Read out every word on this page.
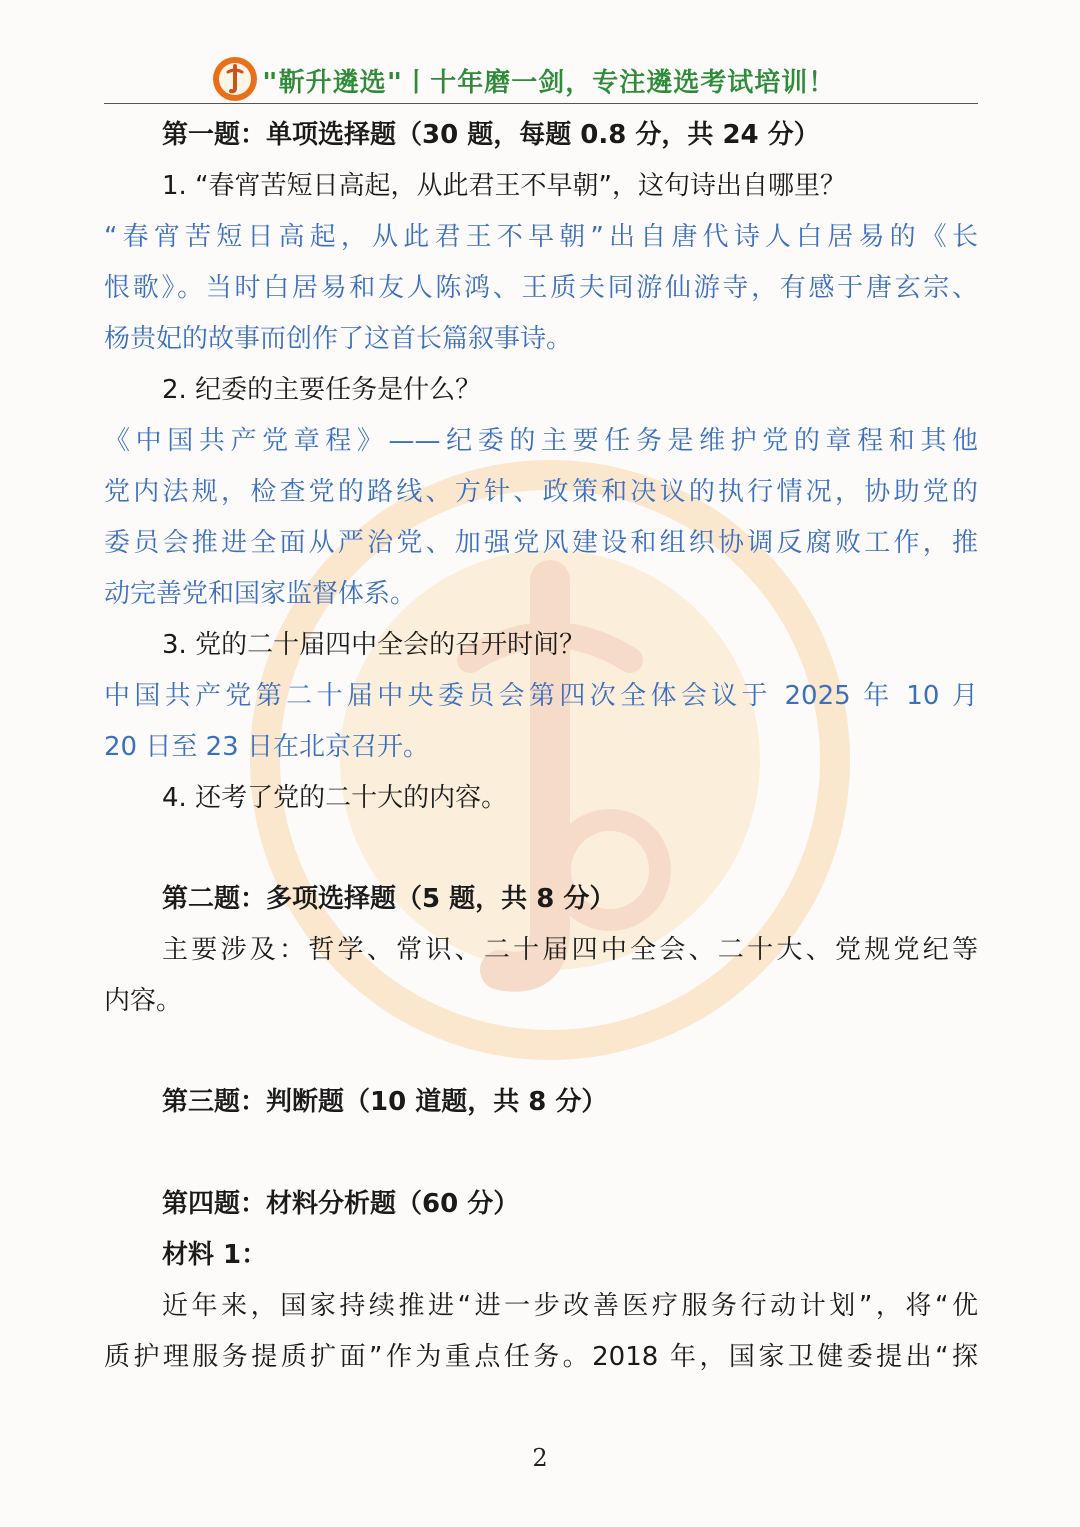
"靳升遴选"丨十年磨一剑，专注遴选考试培训！
第一题：单项选择题（30 题，每题 0.8 分，共 24 分）
1. “春宵苦短日高起，从此君王不早朝”，这句诗出自哪里？
“春宵苦短日高起，从此君王不早朝”出自唐代诗人白居易的《长
恨歌》。当时白居易和友人陈鸿、王质夫同游仙游寺，有感于唐玄宗、
杨贵妃的故事而创作了这首长篇叙事诗。
2. 纪委的主要任务是什么？
《中国共产党章程》——纪委的主要任务是维护党的章程和其他
党内法规，检查党的路线、方针、政策和决议的执行情况，协助党的
委员会推进全面从严治党、加强党风建设和组织协调反腐败工作，推
动完善党和国家监督体系。
3. 党的二十届四中全会的召开时间？
中国共产党第二十届中央委员会第四次全体会议于 2025 年 10 月
20 日至 23 日在北京召开。
4. 还考了党的二十大的内容。
第二题：多项选择题（5 题，共 8 分）
主要涉及：哲学、常识、二十届四中全会、二十大、党规党纪等
内容。
第三题：判断题（10 道题，共 8 分）
第四题：材料分析题（60 分）
材料 1：
近年来，国家持续推进“进一步改善医疗服务行动计划”，将“优
质护理服务提质扩面”作为重点任务。2018 年，国家卫健委提出“探
2
